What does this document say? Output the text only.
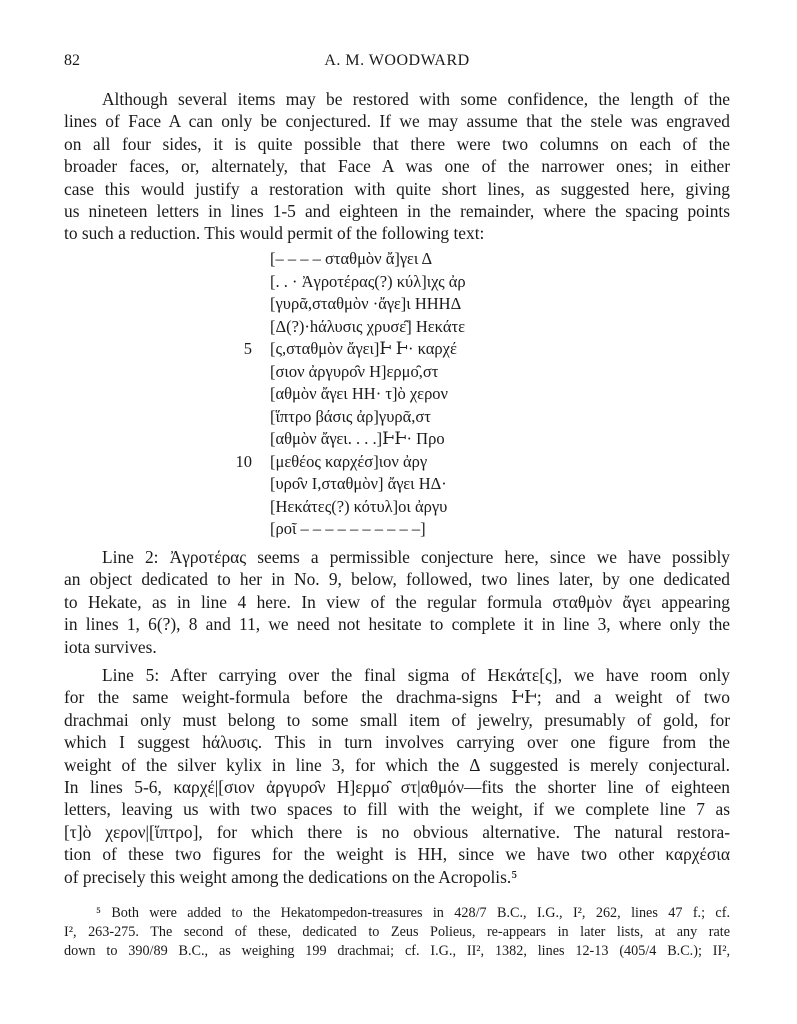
82	A. M. WOODWARD

Although several items may be restored with some confidence, the length of the
lines of Face A can only be conjectured. If we may assume that the stele was engraved
on all four sides, it is quite possible that there were two columns on each of the
broader faces, or, alternately, that Face A was one of the narrower ones; in either
case this would justify a restoration with quite short lines, as suggested here, giving
us nineteen letters in lines 1-5 and eighteen in the remainder, where the spacing points
to such a reduction. This would permit of the following text:

[– – – – σταθμὸν ἄ]γει Δ
[. . · Ἀγροτέρας(?) κύλ]ιχς ἀρ
[γυρᾶ,σταθμὸν ·ἄγε]ι ΗΗΗΔ
[Δ(?)·hάλυσις χρυσε̑] Hεκάτε
5 [ς,σταθμὸν ἄγει]Ͱ Ͱ· καρχέ
[σιον ἀργυρο̑ν Η]ερμο̑,στ
[αθμὸν ἄγει ΗΗ· τ]ὸ χερον
[ἵπτρο βάσις ἀρ]γυρᾶ,στ
[αθμὸν ἄγει. . . .]ͰͰ· Προ
10 [μεθέος καρχέσ]ιον ἀργ
[υρο̑ν Ι,σταθμὸν] ἄγει ΗΔ·
[Hεκάτες(?) κότυλ]οι ἀργυ
[ροῖ – – – – – – – – – –]

Line 2: Ἀγροτέρας seems a permissible conjecture here, since we have possibly
an object dedicated to her in No. 9, below, followed, two lines later, by one dedicated
to Hekate, as in line 4 here. In view of the regular formula σταθμὸν ἄγει appearing
in lines 1, 6(?), 8 and 11, we need not hesitate to complete it in line 3, where only the
iota survives.

Line 5: After carrying over the final sigma of Hεκάτε[ς], we have room only
for the same weight-formula before the drachma-signs ͰͰ; and a weight of two
drachmai only must belong to some small item of jewelry, presumably of gold, for
which I suggest hάλυσις. This in turn involves carrying over one figure from the
weight of the silver kylix in line 3, for which the Δ suggested is merely conjectural.
In lines 5-6, καρχέ|[σιον ἀργυρο̑ν Η]ερμο̑ στ|αθμόν—fits the shorter line of eighteen
letters, leaving us with two spaces to fill with the weight, if we complete line 7 as
[τ]ὸ χερον|[ἵπτρο], for which there is no obvious alternative. The natural restora-
tion of these two figures for the weight is ΗΗ, since we have two other καρχέσια
of precisely this weight among the dedications on the Acropolis.⁵

⁵ Both were added to the Hekatompedon-treasures in 428/7 B.C., I.G., I², 262, lines 47 f.; cf.
I², 263-275. The second of these, dedicated to Zeus Polieus, re-appears in later lists, at any rate
down to 390/89 B.C., as weighing 199 drachmai; cf. I.G., II², 1382, lines 12-13 (405/4 B.C.); II²,
